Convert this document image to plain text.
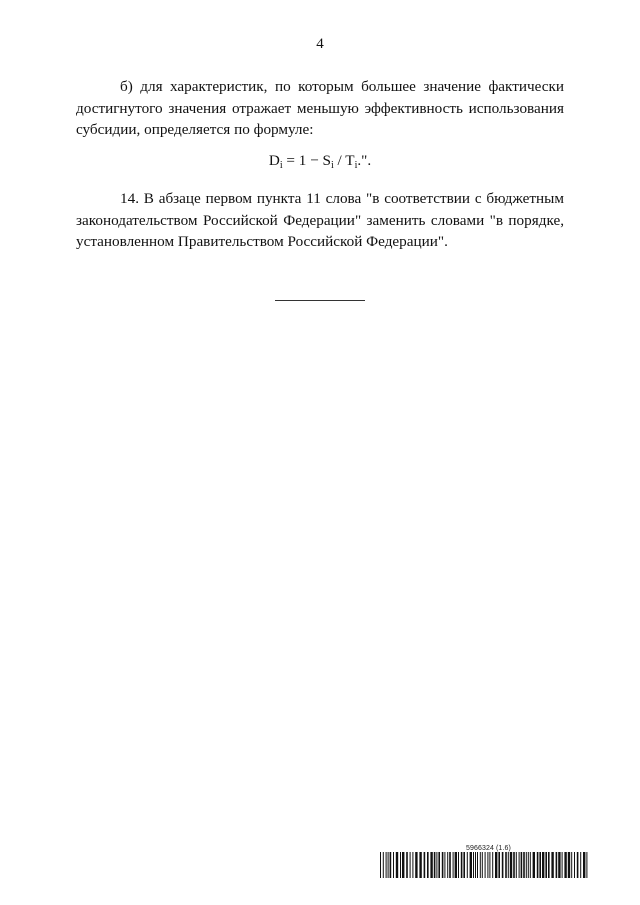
4

б) для характеристик, по которым большее значение фактически достигнутого значения отражает меньшую эффективность использования субсидии, определяется по формуле:

$D_i = 1 - S_i / T_i$.".

14. В абзаце первом пункта 11 слова "в соответствии с бюджетным законодательством Российской Федерации" заменить словами "в порядке, установленном Правительством Российской Федерации".

5966324 (1.6)
